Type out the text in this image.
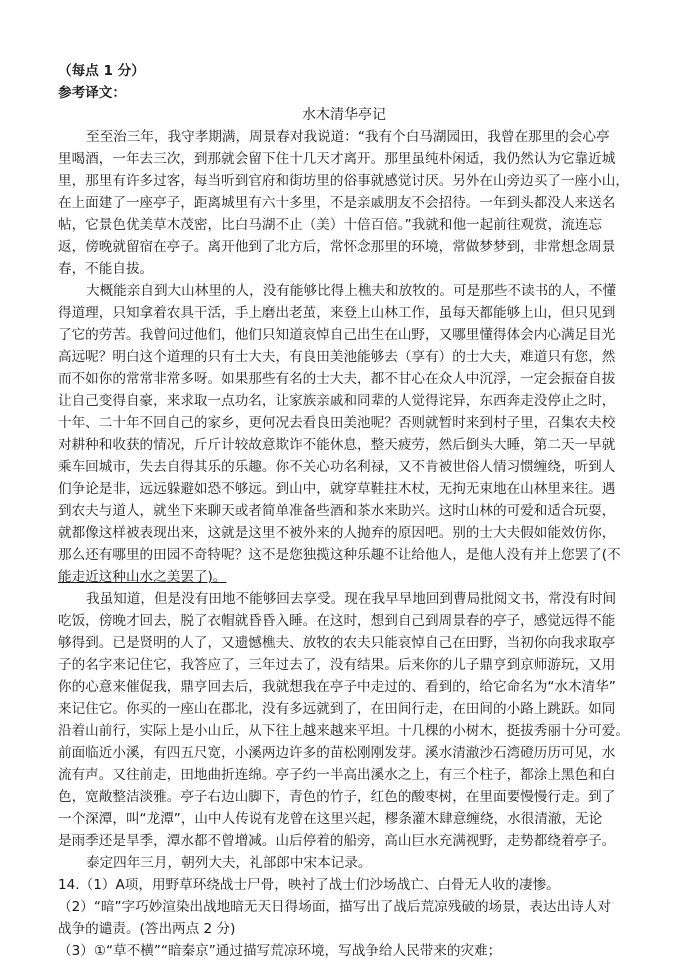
（每点 1 分）
参考译文：
水木清华亭记
至至治三年，我守孝期满，周景春对我说道：“我有个白马湖园田，我曾在那里的会心亭
里喝酒，一年去三次，到那就会留下住十几天才离开。那里虽纯朴闲适，我仍然认为它靠近城
里，那里有许多过客，每当听到官府和街坊里的俗事就感觉讨厌。另外在山旁边买了一座小山，
在上面建了一座亭子，距离城里有六十多里，不是亲戚朋友不会招待。一年到头都没人来送名
帖，它景色优美草木茂密，比白马湖不止（美）十倍百倍。”我就和他一起前往观赏，流连忘
返，傍晚就留宿在亭子。离开他到了北方后，常怀念那里的环境，常做梦梦到，非常想念周景
春，不能自拔。
大概能亲自到大山林里的人，没有能够比得上樵夫和放牧的。可是那些不读书的人，不懂
得道理，只知拿着农具干活，手上磨出老茧，来登上山林工作，虽每天都能够上山，但只见到
了它的劳苦。我曾问过他们，他们只知道哀悼自己出生在山野，又哪里懂得体会内心满足目光
高远呢？明白这个道理的只有士大夫，有良田美池能够去（享有）的士大夫，难道只有您，然
而不如你的常常非常多呀。如果那些有名的士大夫，都不甘心在众人中沉浮，一定会振奋自拔
让自己变得自豪，来求取一点功名，让家族亲戚和同辈的人觉得诧异，东西奔走没停止之时，
十年、二十年不回自己的家乡，更何况去看良田美池呢？否则就暂时来到村子里，召集农夫校
对耕种和收获的情况，斤斤计较故意欺诈不能休息，整天疲劳，然后倒头大睡，第二天一早就
乘车回城市，失去自得其乐的乐趣。你不关心功名利禄，又不肯被世俗人情习惯缠绕，听到人
们争论是非，远远躲避如恐不够远。到山中，就穿草鞋拄木杖，无拘无束地在山林里来往。遇
到农夫与道人，就坐下来聊天或者简单准备些酒和茶水来助兴。这时山林的可爱和适合玩耍，
就都像这样被表现出来，这就是这里不被外来的人抛弃的原因吧。别的士大夫假如能效仿你，
那么还有哪里的田园不奇特呢？这不是您独揽这种乐趣不让给他人，是他人没有并上您罢了(不
能走近这种山水之美罢了)。
我虽知道，但是没有田地不能够回去享受。现在我早早地回到曹局批阅文书，常没有时间
吃饭，傍晚才回去，脱了衣帽就昏昏入睡。在这时，想到自己到周景春的亭子，感觉远得不能
够得到。已是贤明的人了，又遗憾樵夫、放牧的农夫只能哀悼自己在田野，当初你向我求取亭
子的名字来记住它，我答应了，三年过去了，没有结果。后来你的儿子鼎亨到京师游玩，又用
你的心意来催促我，鼎亨回去后，我就想我在亭子中走过的、看到的，给它命名为“水木清华”
来记住它。你买的一座山在郡北，没有多远就到了，在田间行走，在田间的小路上跳跃。如同
沿着山前行，实际上是小山丘，从下往上越来越来平坦。十几棵的小树木，挺拔秀丽十分可爱。
前面临近小溪，有四五尺宽，小溪两边许多的苗松刚刚发芽。溪水清澈沙石湾磴历历可见，水
流有声。又往前走，田地曲折连绵。亭子约一半高出溪水之上，有三个柱子，都涂上黑色和白
色，宽敞整洁淡雅。亭子右边山脚下，青色的竹子，红色的酸枣树，在里面要慢慢行走。到了
一个深潭，叫“龙潭”，山中人传说有龙曾在这里兴起，樛条灌木肆意缠绕，水很清澈，无论
是雨季还是旱季，潭水都不曾增减。山后停着的船旁，高山巨水充满视野，走势都绕着亭子。
泰定四年三月，朝列大夫，礼部郎中宋本记录。
14.（1）A项，用野草环绕战士尸骨，映衬了战士们沙场战亡、白骨无人收的凄惨。
（2）“暗”字巧妙渲染出战地暗无天日得场面，描写出了战后荒凉残破的场景，表达出诗人对
战争的谴责。(答出两点 2 分)
（3）①“草不横”“暗秦京”通过描写荒凉环境，写战争给人民带来的灾难；
